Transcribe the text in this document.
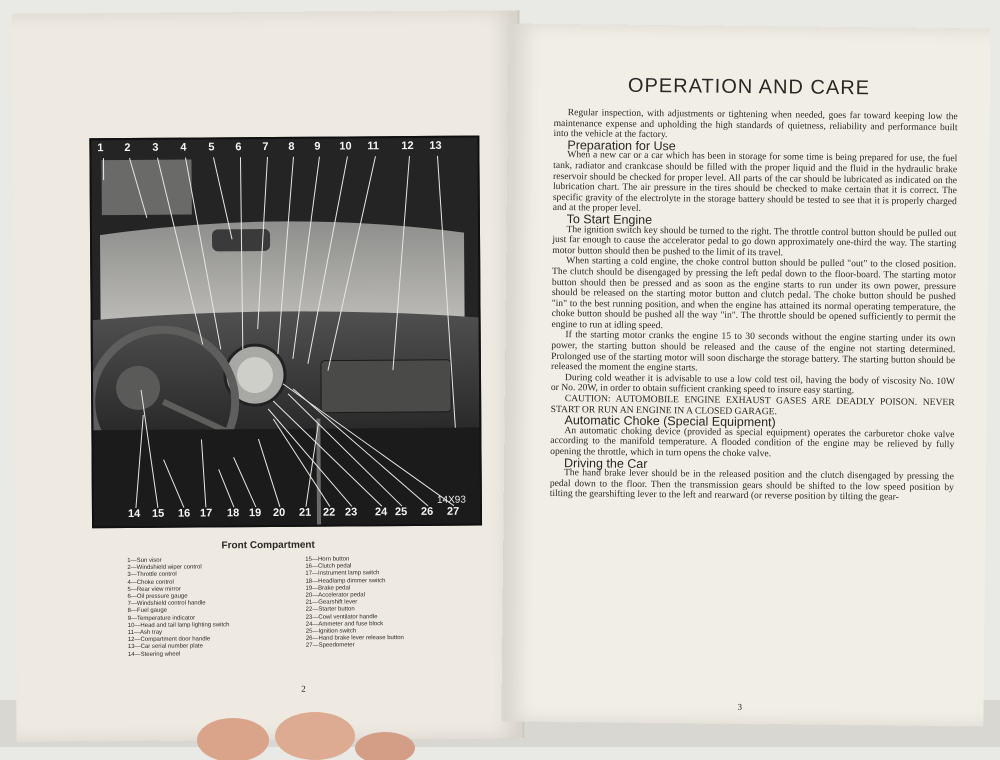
1 2 3 4 5 6 7 8 9 10 11 12 13
14 15 16 17 18 19 20 21 22 23 24 25 26 27
14X93
Front Compartment
1—Sun visor
2—Windshield wiper control
3—Throttle control
4—Choke control
5—Rear view mirror
6—Oil pressure gauge
7—Windshield control handle
8—Fuel gauge
9—Temperature indicator
10—Head and tail lamp lighting switch
11—Ash tray
12—Compartment door handle
13—Car serial number plate
14—Steering wheel
15—Horn button
16—Clutch pedal
17—Instrument lamp switch
18—Headlamp dimmer switch
19—Brake pedal
20—Accelerator pedal
21—Gearshift lever
22—Starter button
23—Cowl ventilator handle
24—Ammeter and fuse block
25—Ignition switch
26—Hand brake lever release button
27—Speedometer
2
OPERATION AND CARE

Regular inspection, with adjustments or tightening when needed, goes far toward keeping low the maintenance expense and upholding the high standards of quietness, reliability and performance built into the vehicle at the factory.

Preparation for Use

When a new car or a car which has been in storage for some time is being prepared for use, the fuel tank, radiator and crankcase should be filled with the proper liquid and the fluid in the hydraulic brake reservoir should be checked for proper level. All parts of the car should be lubricated as indicated on the lubrication chart. The air pressure in the tires should be checked to make certain that it is correct. The specific gravity of the electrolyte in the storage battery should be tested to see that it is properly charged and at the proper level.

To Start Engine

The ignition switch key should be turned to the right. The throttle control button should be pulled out just far enough to cause the accelerator pedal to go down approximately one-third the way. The starting motor button should then be pushed to the limit of its travel.

When starting a cold engine, the choke control button should be pulled "out" to the closed position. The clutch should be disengaged by pressing the left pedal down to the floor-board. The starting motor button should then be pressed and as soon as the engine starts to run under its own power, pressure should be released on the starting motor button and clutch pedal. The choke button should be pushed "in" to the best running position, and when the engine has attained its normal operating temperature, the choke button should be pushed all the way "in". The throttle should be opened sufficiently to permit the engine to run at idling speed.

If the starting motor cranks the engine 15 to 30 seconds without the engine starting under its own power, the starting button should be released and the cause of the engine not starting determined. Prolonged use of the starting motor will soon discharge the storage battery. The starting button should be released the moment the engine starts.

During cold weather it is advisable to use a low cold test oil, having the body of viscosity No. 10W or No. 20W, in order to obtain sufficient cranking speed to insure easy starting.

CAUTION: AUTOMOBILE ENGINE EXHAUST GASES ARE DEADLY POISON. NEVER START OR RUN AN ENGINE IN A CLOSED GARAGE.

Automatic Choke (Special Equipment)

An automatic choking device (provided as special equipment) operates the carburetor choke valve according to the manifold temperature. A flooded condition of the engine may be relieved by fully opening the throttle, which in turn opens the choke valve.

Driving the Car

The hand brake lever should be in the released position and the clutch disengaged by pressing the pedal down to the floor. Then the transmission gears should be shifted to the low speed position by tilting the gearshifting lever to the left and rearward (or reverse position by tilting the gear-

3
